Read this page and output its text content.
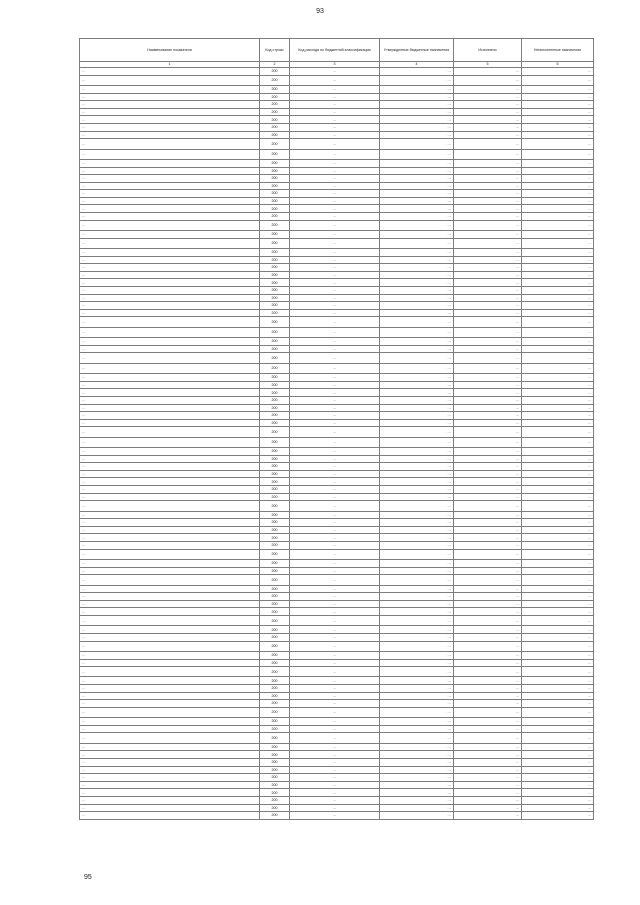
93
Наименование показателя	Код строки	Код расхода по бюджетной классификации	Утвержденные бюджетные назначения	Исполнено	Неисполненные назначения
1	2	3	4	5	6
…	200	…	…	…	…
…	200	…	…	…	…
…	200	…	…	…	…
…	200	…	…	…	…
…	200	…	…	…	…
…	200	…	…	…	…
…	200	…	…	…	…
…	200	…	…	…	…
…	200	…	…	…	…
…	200	…	…	…	…
…	200	…	…	…	…
…	200	…	…	…	…
…	200	…	…	…	…
…	200	…	…	…	…
…	200	…	…	…	…
…	200	…	…	…	…
…	200	…	…	…	…
…	200	…	…	…	…
…	200	…	…	…	…
…	200	…	…	…	…
…	200	…	…	…	…
…	200	…	…	…	…
…	200	…	…	…	…
…	200	…	…	…	…
…	200	…	…	…	…
…	200	…	…	…	…
…	200	…	…	…	…
…	200	…	…	…	…
…	200	…	…	…	…
…	200	…	…	…	…
…	200	…	…	…	…
…	200	…	…	…	…
…	200	…	…	…	…
…	200	…	…	…	…
…	200	…	…	…	…
…	200	…	…	…	…
…	200	…	…	…	…
…	200	…	…	…	…
…	200	…	…	…	…
…	200	…	…	…	…
…	200	…	…	…	…
…	200	…	…	…	…
…	200	…	…	…	…
…	200	…	…	…	…
…	200	…	…	…	…
…	200	…	…	…	…
…	200	…	…	…	…
…	200	…	…	…	…
…	200	…	…	…	…
…	200	…	…	…	…
…	200	…	…	…	…
…	200	…	…	…	…
…	200	…	…	…	…
…	200	…	…	…	…
…	200	…	…	…	…
…	200	…	…	…	…
…	200	…	…	…	…
…	200	…	…	…	…
…	200	…	…	…	…
…	200	…	…	…	…
…	200	…	…	…	…
…	200	…	…	…	…
…	200	…	…	…	…
…	200	…	…	…	…
…	200	…	…	…	…
…	200	…	…	…	…
…	200	…	…	…	…
…	200	…	…	…	…
…	200	…	…	…	…
…	200	…	…	…	…
…	200	…	…	…	…
…	200	…	…	…	…
…	200	…	…	…	…
…	200	…	…	…	…
…	200	…	…	…	…
…	200	…	…	…	…
…	200	…	…	…	…
…	200	…	…	…	…
…	200	…	…	…	…
…	200	…	…	…	…
…	200	…	…	…	…
…	200	…	…	…	…
…	200	…	…	…	…
…	200	…	…	…	…
…	200	…	…	…	…
…	200	…	…	…	…
…	200	…	…	…	…
…	200	…	…	…	…
…	200	…	…	…	…
…	200	…	…	…	…
…	200	…	…	…	…
…	200	…	…	…	…
95
